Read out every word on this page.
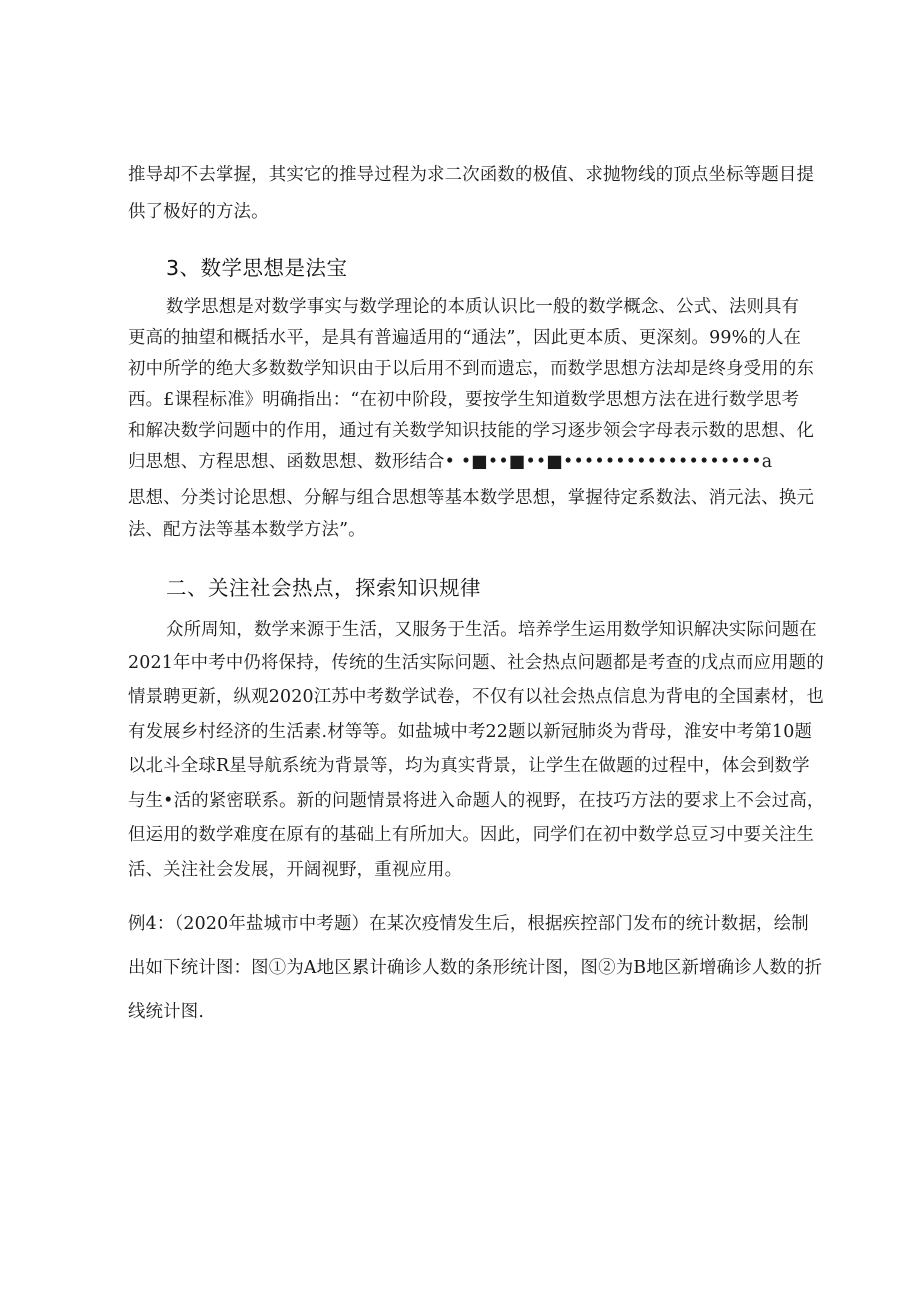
推导却不去掌握，其实它的推导过程为求二次函数的极值、求抛物线的顶点坐标等题目提
供了极好的方法。
3、数学思想是法宝
数学思想是对数学事实与数学理论的本质认识比一般的数学概念、公式、法则具有
更高的抽望和概括水平，是具有普遍适用的“通法”，因此更本质、更深刻。99%的人在
初中所学的绝大多数数学知识由于以后用不到而遗忘，而数学思想方法却是终身受用的东
西。£课程标准》明确指出：“在初中阶段，要按学生知道数学思想方法在进行数学思考
和解决数学问题中的作用，通过有关数学知识技能的学习逐步领会字母表示数的思想、化
归思想、方程思想、函数思想、数形结合• •■••■••■•••••••••••••••••••a
思想、分类讨论思想、分解与组合思想等基本数学思想，掌握待定系数法、消元法、换元
法、配方法等基本数学方法”。
二、关注社会热点，探索知识规律
众所周知，数学来源于生活，又服务于生活。培养学生运用数学知识解决实际问题在
2021年中考中仍将保持，传统的生活实际问题、社会热点问题都是考查的戊点而应用题的
情景聘更新，纵观2020江苏中考数学试卷，不仅有以社会热点信息为背电的全国素材，也
有发展乡村经济的生活素.材等等。如盐城中考22题以新冠肺炎为背母，淮安中考第10题
以北斗全球R星导航系统为背景等，均为真实背景，让学生在做题的过程中，体会到数学
与生•活的紧密联系。新的问题情景将进入命题人的视野，在技巧方法的要求上不会过高，
但运用的数学难度在原有的基础上有所加大。因此，同学们在初中数学总豆习中要关注生
活、关注社会发展，开阔视野，重视应用。
例4：（2020年盐城市中考题）在某次疫情发生后，根据疾控部门发布的统计数据，绘制
出如下统计图：图①为A地区累计确诊人数的条形统计图，图②为B地区新增确诊人数的折
线统计图.
